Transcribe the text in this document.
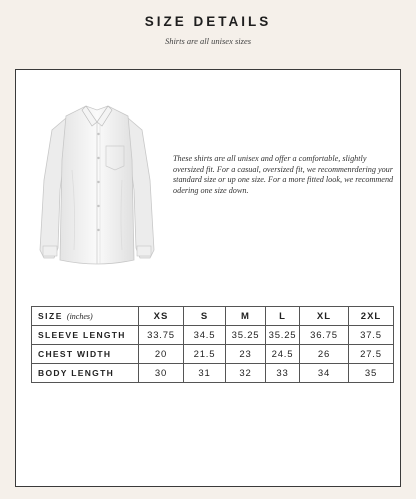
SIZE DETAILS
Shirts are all unisex sizes
These shirts are all unisex and offer a comfortable, slightly oversized fit. For a casual, oversized fit, we recommenrdering your standard size or up one size. For a more fitted look, we recommend odering one size down.
SIZE (inches)	XS	S	M	L	XL	2XL
SLEEVE LENGTH	33.75	34.5	35.25	35.25	36.75	37.5
CHEST WIDTH	20	21.5	23	24.5	26	27.5
BODY LENGTH	30	31	32	33	34	35
